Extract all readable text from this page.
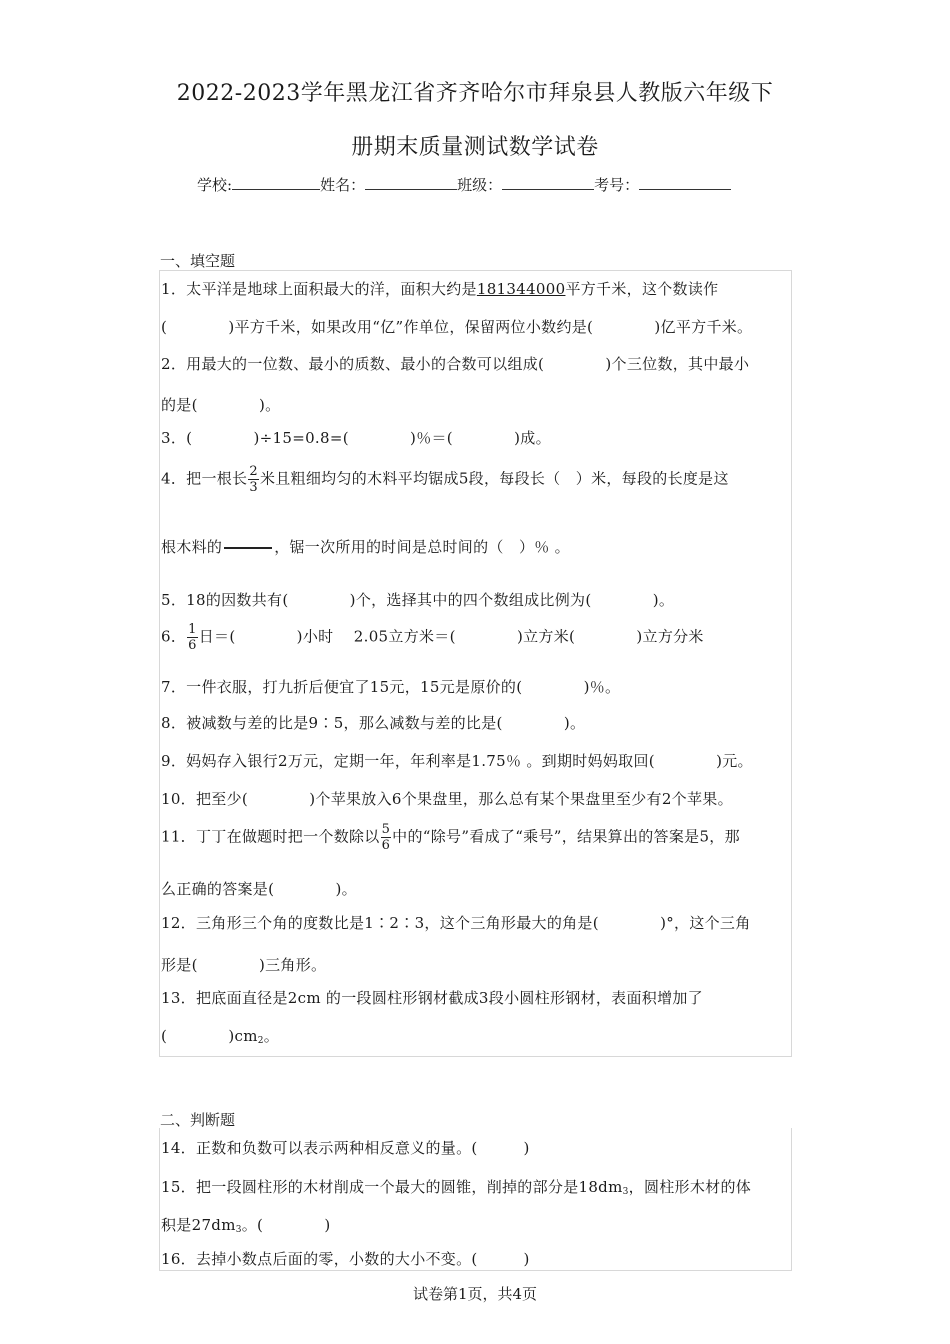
2022-2023学年黑龙江省齐齐哈尔市拜泉县人教版六年级下
册期末质量测试数学试卷
学校:	姓名：	班级：	考号：
一、填空题
1．太平洋是地球上面积最大的洋，面积大约是181344000平方千米，这个数读作
(　　　　)平方千米，如果改用“亿”作单位，保留两位小数约是(　　　　)亿平方千米。
2．用最大的一位数、最小的质数、最小的合数可以组成(　　　　)个三位数，其中最小
的是(　　　　)。
3．(　　　　)÷15=0.8=(　　　　)％＝(　　　　)成。
4．把一根长 $\frac{2}{3}$ 米且粗细均匀的木料平均锯成5段，每段长（　）米，每段的长度是这
根木料的	，锯一次所用的时间是总时间的（　）％ 。
5．18的因数共有(　　　　)个，选择其中的四个数组成比例为(　　　　)。
6． $\frac{1}{6}$ 日＝(　　　　)小时　 2.05立方米＝(　　　　)立方米(　　　　)立方分米
7．一件衣服，打九折后便宜了15元，15元是原价的(　　　　)％。
8．被减数与差的比是9∶5，那么减数与差的比是(　　　　)。
9．妈妈存入银行2万元，定期一年，年利率是1.75％ 。到期时妈妈取回(　　　　)元。
10．把至少(　　　　)个苹果放入6个果盘里，那么总有某个果盘里至少有2个苹果。
11．丁丁在做题时把一个数除以 $\frac{5}{6}$ 中的“除号”看成了“乘号”，结果算出的答案是5，那
么正确的答案是(　　　　)。
12．三角形三个角的度数比是1∶2∶3，这个三角形最大的角是(　　　　)°，这个三角
形是(　　　　)三角形。
13．把底面直径是2cm 的一段圆柱形钢材截成3段小圆柱形钢材，表面积增加了
(　　　　)$cm_2$。
二、判断题
14．正数和负数可以表示两种相反意义的量。(　　　)
15．把一段圆柱形的木材削成一个最大的圆锥，削掉的部分是$18dm_3$，圆柱形木材的体
积是$27dm_3$。(　　　　)
16．去掉小数点后面的零，小数的大小不变。(　　　)
试卷第1页，共4页
